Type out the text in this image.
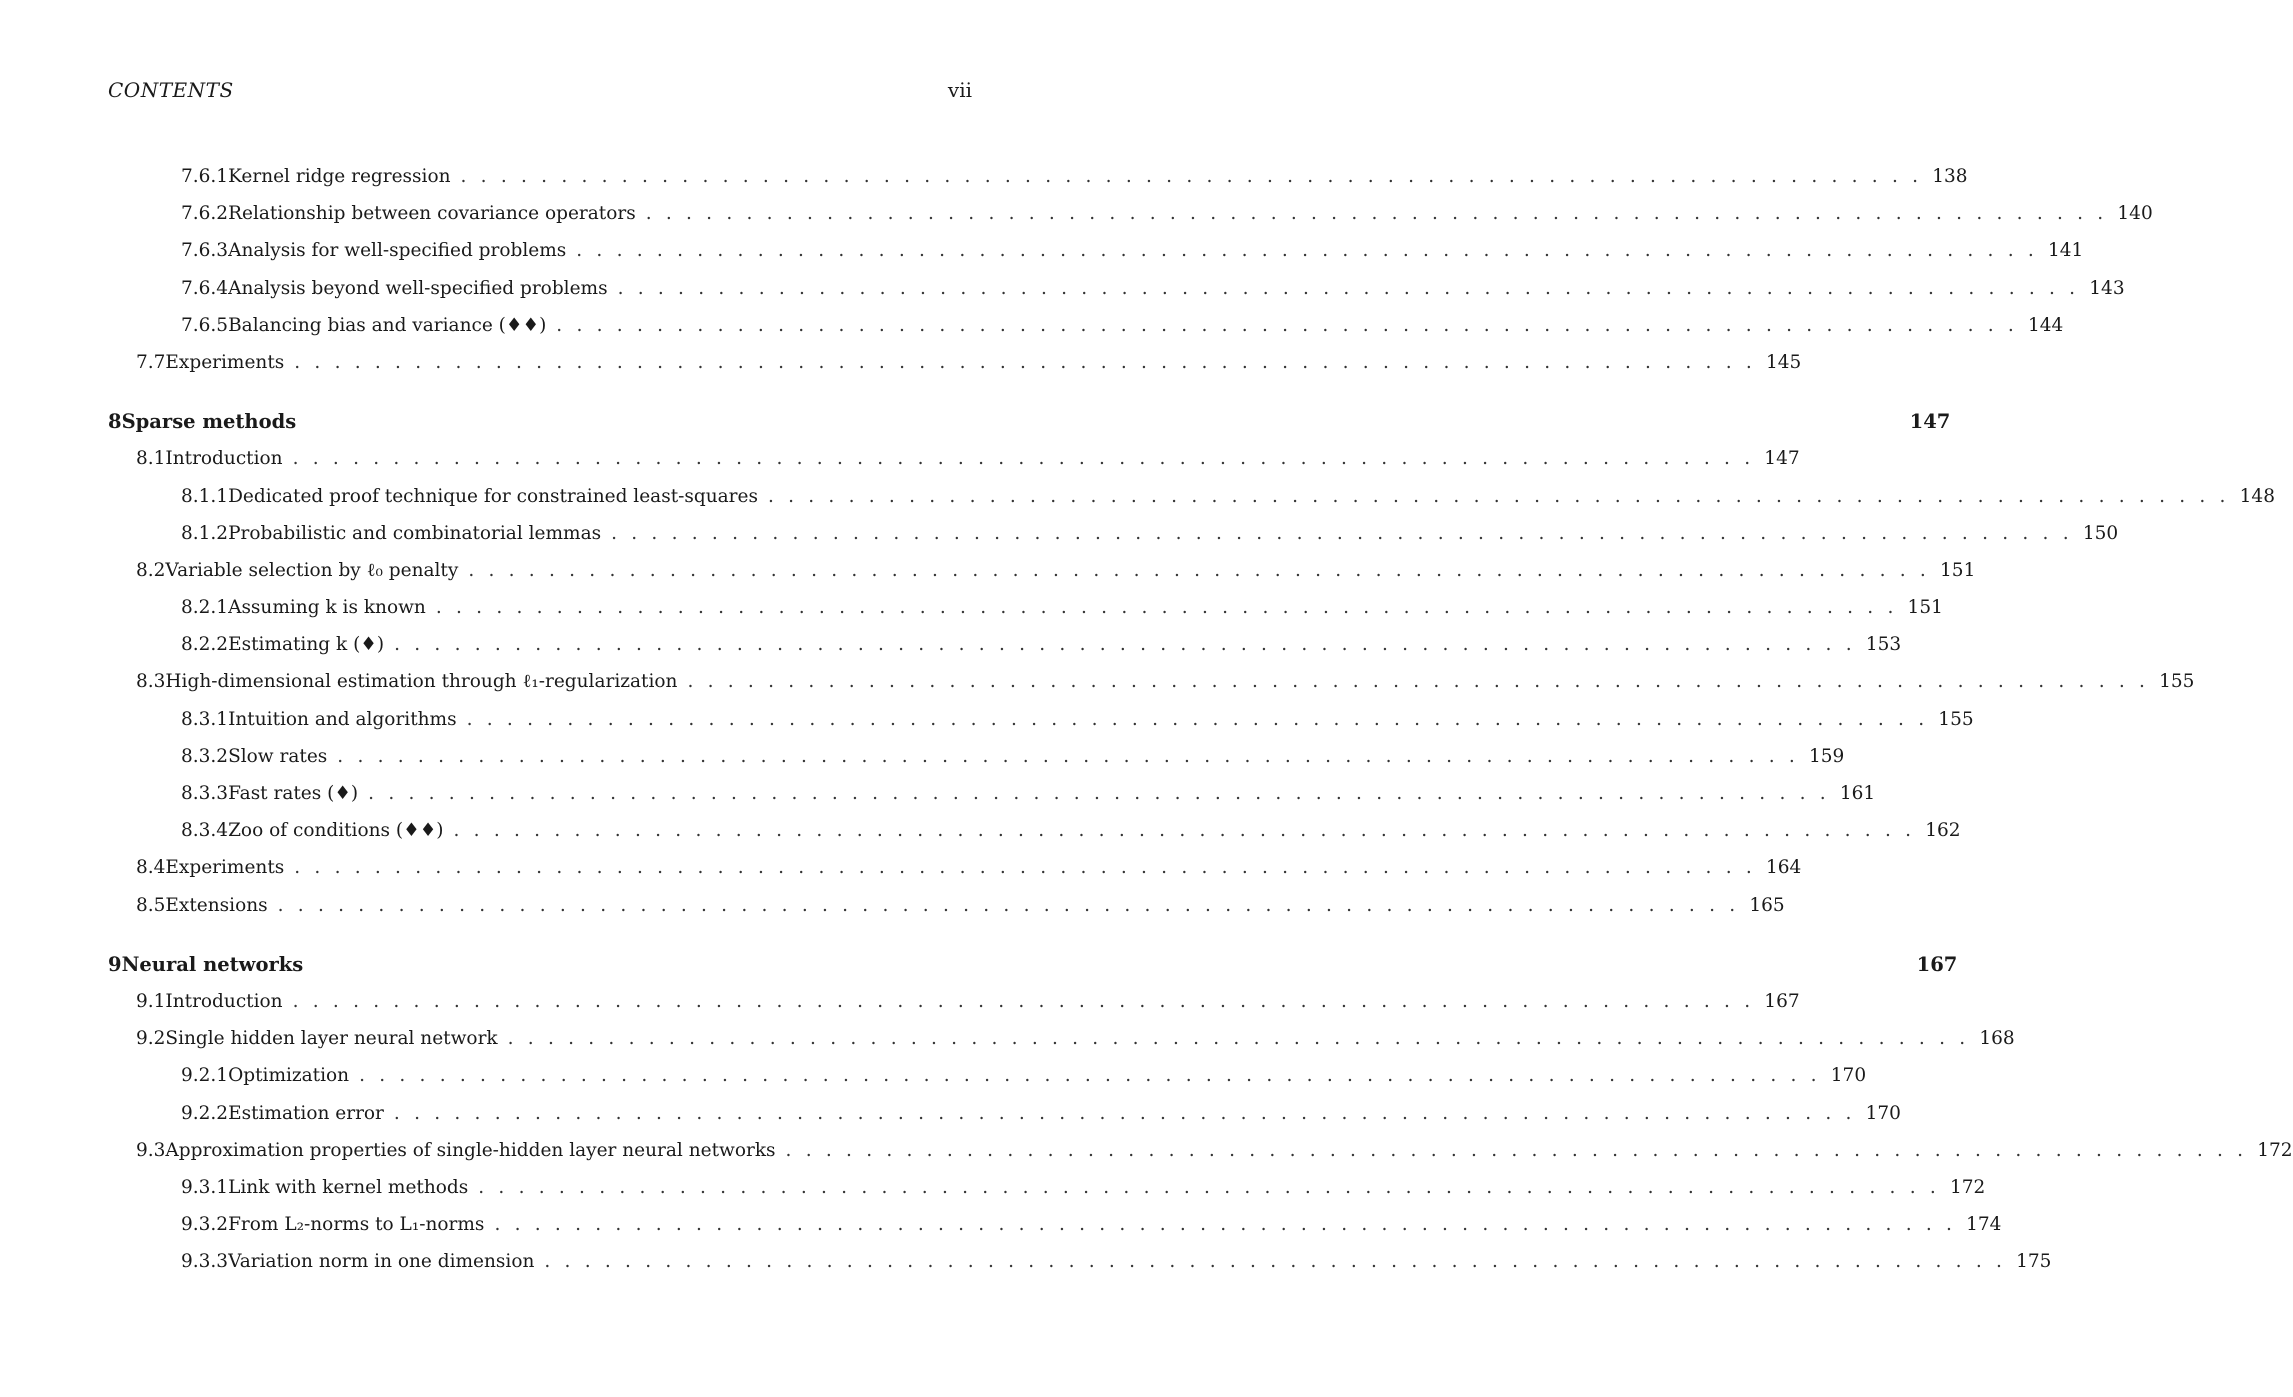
CONTENTS	vii
7.6.1 Kernel ridge regression . . . . . . . . . . . . . . . . . . . . . . . . . . . . . . . . . . . . . . . . . . . . . . . . . . . . . . . . . . . . . . . . . . . . . . . . . 138
7.6.2 Relationship between covariance operators . . . . . . . . . . . . . . . . . . . . . . . . . . . . . . . . . . . . . . . . . . . . . . . . . . . . . . . . . . . . . . . . . . . . . . . . . 140
7.6.3 Analysis for well-specified problems . . . . . . . . . . . . . . . . . . . . . . . . . . . . . . . . . . . . . . . . . . . . . . . . . . . . . . . . . . . . . . . . . . . . . . . . . 141
7.6.4 Analysis beyond well-specified problems . . . . . . . . . . . . . . . . . . . . . . . . . . . . . . . . . . . . . . . . . . . . . . . . . . . . . . . . . . . . . . . . . . . . . . . . . 143
7.6.5 Balancing bias and variance (♦♦) . . . . . . . . . . . . . . . . . . . . . . . . . . . . . . . . . . . . . . . . . . . . . . . . . . . . . . . . . . . . . . . . . . . . . . . . . 144
7.7 Experiments . . . . . . . . . . . . . . . . . . . . . . . . . . . . . . . . . . . . . . . . . . . . . . . . . . . . . . . . . . . . . . . . . . . . . . . . . 145
8 Sparse methods	147
8.1 Introduction . . . . . . . . . . . . . . . . . . . . . . . . . . . . . . . . . . . . . . . . . . . . . . . . . . . . . . . . . . . . . . . . . . . . . . . . . 147
8.1.1 Dedicated proof technique for constrained least-squares . . . . . . . . . . . . . . . . . . . . . . . . . . . . . . . . . . . . . . . . . . . . . . . . . . . . . . . . . . . . . . . . . . . . . . . . . 148
8.1.2 Probabilistic and combinatorial lemmas . . . . . . . . . . . . . . . . . . . . . . . . . . . . . . . . . . . . . . . . . . . . . . . . . . . . . . . . . . . . . . . . . . . . . . . . . 150
8.2 Variable selection by ℓ₀ penalty . . . . . . . . . . . . . . . . . . . . . . . . . . . . . . . . . . . . . . . . . . . . . . . . . . . . . . . . . . . . . . . . . . . . . . . . . 151
8.2.1 Assuming k is known . . . . . . . . . . . . . . . . . . . . . . . . . . . . . . . . . . . . . . . . . . . . . . . . . . . . . . . . . . . . . . . . . . . . . . . . . 151
8.2.2 Estimating k (♦) . . . . . . . . . . . . . . . . . . . . . . . . . . . . . . . . . . . . . . . . . . . . . . . . . . . . . . . . . . . . . . . . . . . . . . . . . 153
8.3 High-dimensional estimation through ℓ₁-regularization . . . . . . . . . . . . . . . . . . . . . . . . . . . . . . . . . . . . . . . . . . . . . . . . . . . . . . . . . . . . . . . . . . . . . . . . . 155
8.3.1 Intuition and algorithms . . . . . . . . . . . . . . . . . . . . . . . . . . . . . . . . . . . . . . . . . . . . . . . . . . . . . . . . . . . . . . . . . . . . . . . . . 155
8.3.2 Slow rates . . . . . . . . . . . . . . . . . . . . . . . . . . . . . . . . . . . . . . . . . . . . . . . . . . . . . . . . . . . . . . . . . . . . . . . . . 159
8.3.3 Fast rates (♦) . . . . . . . . . . . . . . . . . . . . . . . . . . . . . . . . . . . . . . . . . . . . . . . . . . . . . . . . . . . . . . . . . . . . . . . . . 161
8.3.4 Zoo of conditions (♦♦) . . . . . . . . . . . . . . . . . . . . . . . . . . . . . . . . . . . . . . . . . . . . . . . . . . . . . . . . . . . . . . . . . . . . . . . . . 162
8.4 Experiments . . . . . . . . . . . . . . . . . . . . . . . . . . . . . . . . . . . . . . . . . . . . . . . . . . . . . . . . . . . . . . . . . . . . . . . . . 164
8.5 Extensions . . . . . . . . . . . . . . . . . . . . . . . . . . . . . . . . . . . . . . . . . . . . . . . . . . . . . . . . . . . . . . . . . . . . . . . . . 165
9 Neural networks	167
9.1 Introduction . . . . . . . . . . . . . . . . . . . . . . . . . . . . . . . . . . . . . . . . . . . . . . . . . . . . . . . . . . . . . . . . . . . . . . . . . 167
9.2 Single hidden layer neural network . . . . . . . . . . . . . . . . . . . . . . . . . . . . . . . . . . . . . . . . . . . . . . . . . . . . . . . . . . . . . . . . . . . . . . . . . 168
9.2.1 Optimization . . . . . . . . . . . . . . . . . . . . . . . . . . . . . . . . . . . . . . . . . . . . . . . . . . . . . . . . . . . . . . . . . . . . . . . . . 170
9.2.2 Estimation error . . . . . . . . . . . . . . . . . . . . . . . . . . . . . . . . . . . . . . . . . . . . . . . . . . . . . . . . . . . . . . . . . . . . . . . . . 170
9.3 Approximation properties of single-hidden layer neural networks . . . . . . . . . . . . . . . . . . . . . . . . . . . . . . . . . . . . . . . . . . . . . . . . . . . . . . . . . . . . . . . . . . . . . . . . . 172
9.3.1 Link with kernel methods . . . . . . . . . . . . . . . . . . . . . . . . . . . . . . . . . . . . . . . . . . . . . . . . . . . . . . . . . . . . . . . . . . . . . . . . . 172
9.3.2 From L₂-norms to L₁-norms . . . . . . . . . . . . . . . . . . . . . . . . . . . . . . . . . . . . . . . . . . . . . . . . . . . . . . . . . . . . . . . . . . . . . . . . . 174
9.3.3 Variation norm in one dimension . . . . . . . . . . . . . . . . . . . . . . . . . . . . . . . . . . . . . . . . . . . . . . . . . . . . . . . . . . . . . . . . . . . . . . . . . 175
